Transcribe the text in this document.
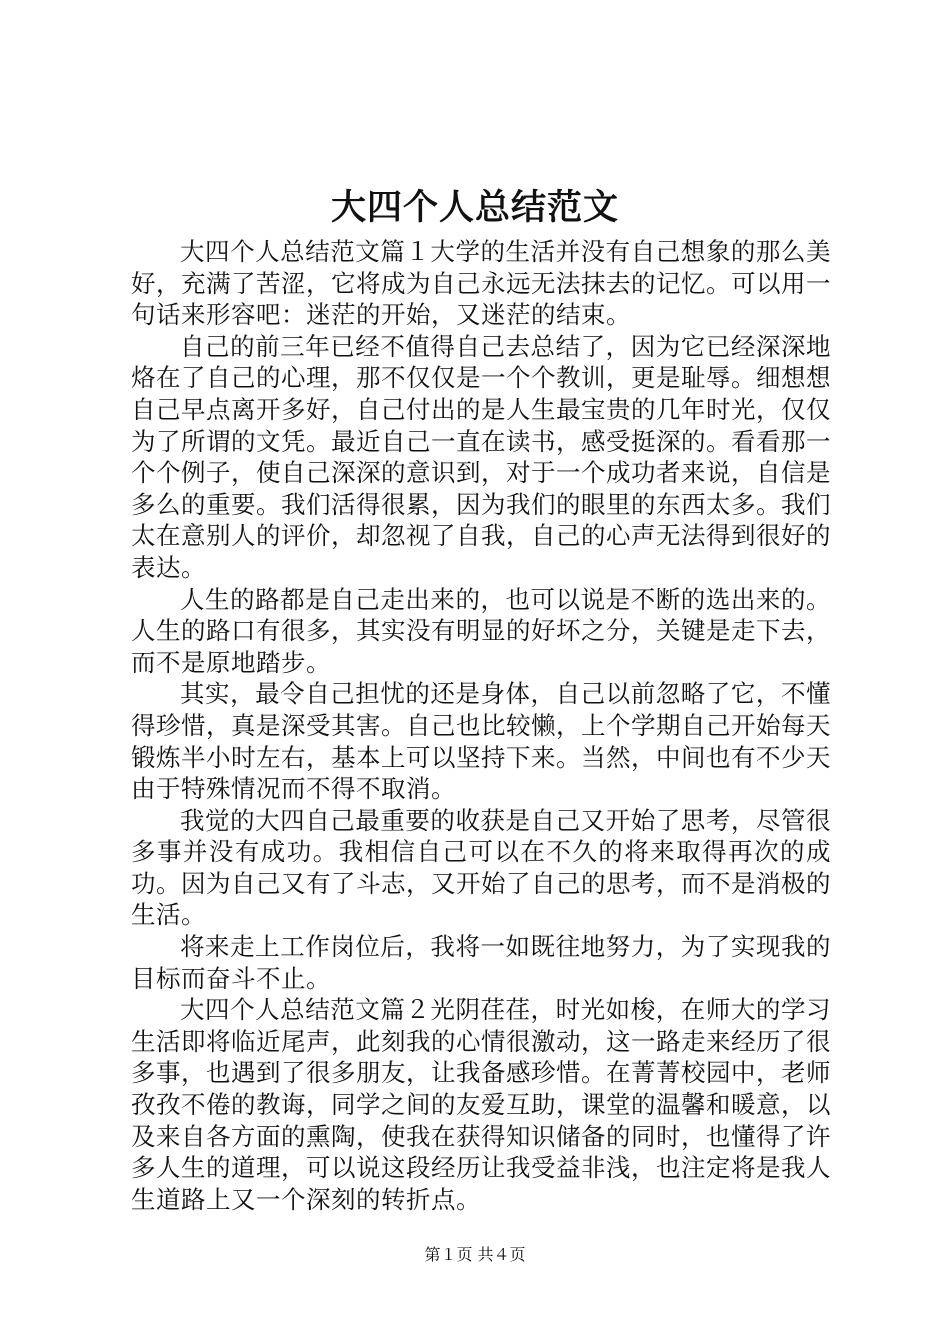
大四个人总结范文

大四个人总结范文篇１大学的生活并没有自己想象的那么美好，充满了苦涩，它将成为自己永远无法抹去的记忆。可以用一句话来形容吧：迷茫的开始，又迷茫的结束。

自己的前三年已经不值得自己去总结了，因为它已经深深地烙在了自己的心理，那不仅仅是一个个教训，更是耻辱。细想想自己早点离开多好，自己付出的是人生最宝贵的几年时光，仅仅为了所谓的文凭。最近自己一直在读书，感受挺深的。看看那一个个例子，使自己深深的意识到，对于一个成功者来说，自信是多么的重要。我们活得很累，因为我们的眼里的东西太多。我们太在意别人的评价，却忽视了自我，自己的心声无法得到很好的表达。

人生的路都是自己走出来的，也可以说是不断的选出来的。人生的路口有很多，其实没有明显的好坏之分，关键是走下去，而不是原地踏步。

其实，最令自己担忧的还是身体，自己以前忽略了它，不懂得珍惜，真是深受其害。自己也比较懒，上个学期自己开始每天锻炼半小时左右，基本上可以坚持下来。当然，中间也有不少天由于特殊情况而不得不取消。

我觉的大四自己最重要的收获是自己又开始了思考，尽管很多事并没有成功。我相信自己可以在不久的将来取得再次的成功。因为自己又有了斗志，又开始了自己的思考，而不是消极的生活。

将来走上工作岗位后，我将一如既往地努力，为了实现我的目标而奋斗不止。

大四个人总结范文篇２光阴荏荏，时光如梭，在师大的学习生活即将临近尾声，此刻我的心情很激动，这一路走来经历了很多事，也遇到了很多朋友，让我备感珍惜。在菁菁校园中，老师孜孜不倦的教诲，同学之间的友爱互助，课堂的温馨和暖意，以及来自各方面的熏陶，使我在获得知识储备的同时，也懂得了许多人生的道理，可以说这段经历让我受益非浅，也注定将是我人生道路上又一个深刻的转折点。

第１页 共４页
